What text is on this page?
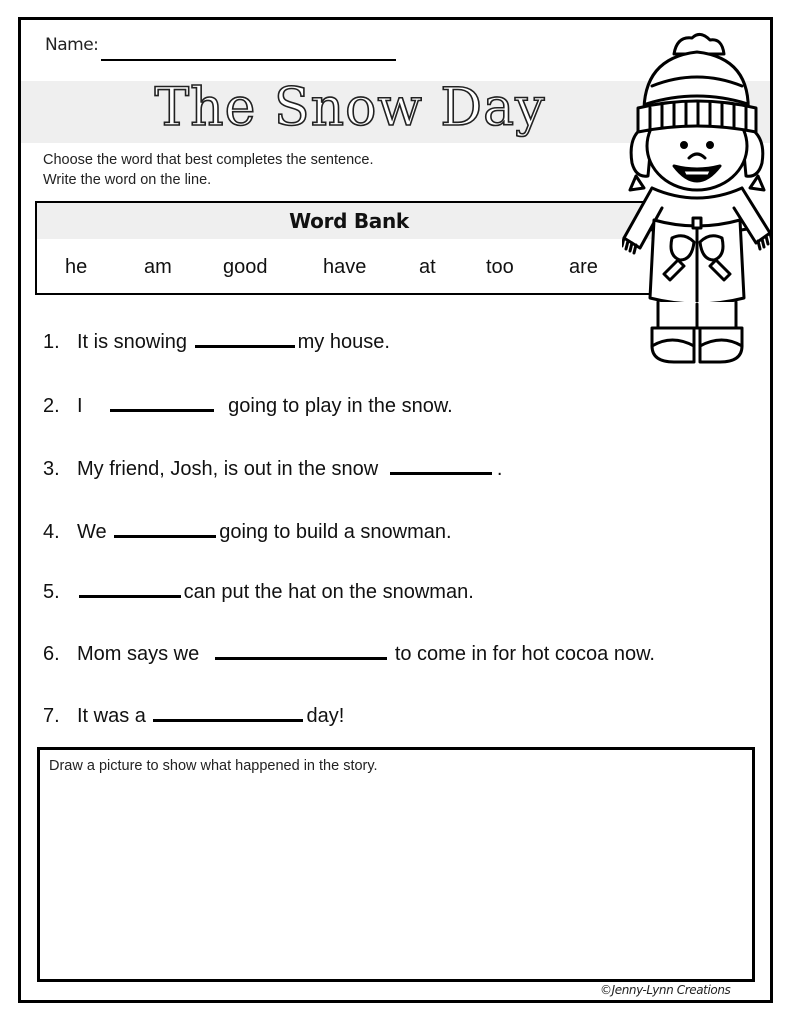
Name:
The Snow Day
Choose the word that best completes the sentence.
Write the word on the line.
Word Bank
he	am	good	have	at	too	are
1. It is snowing	my house.
2. I	going to play in the snow.
3. My friend, Josh, is out in the snow	.
4. We	going to build a snowman.
5.	can put the hat on the snowman.
6. Mom says we	to come in for hot cocoa now.
7. It was a	day!
Draw a picture to show what happened in the story.
©Jenny-Lynn Creations
